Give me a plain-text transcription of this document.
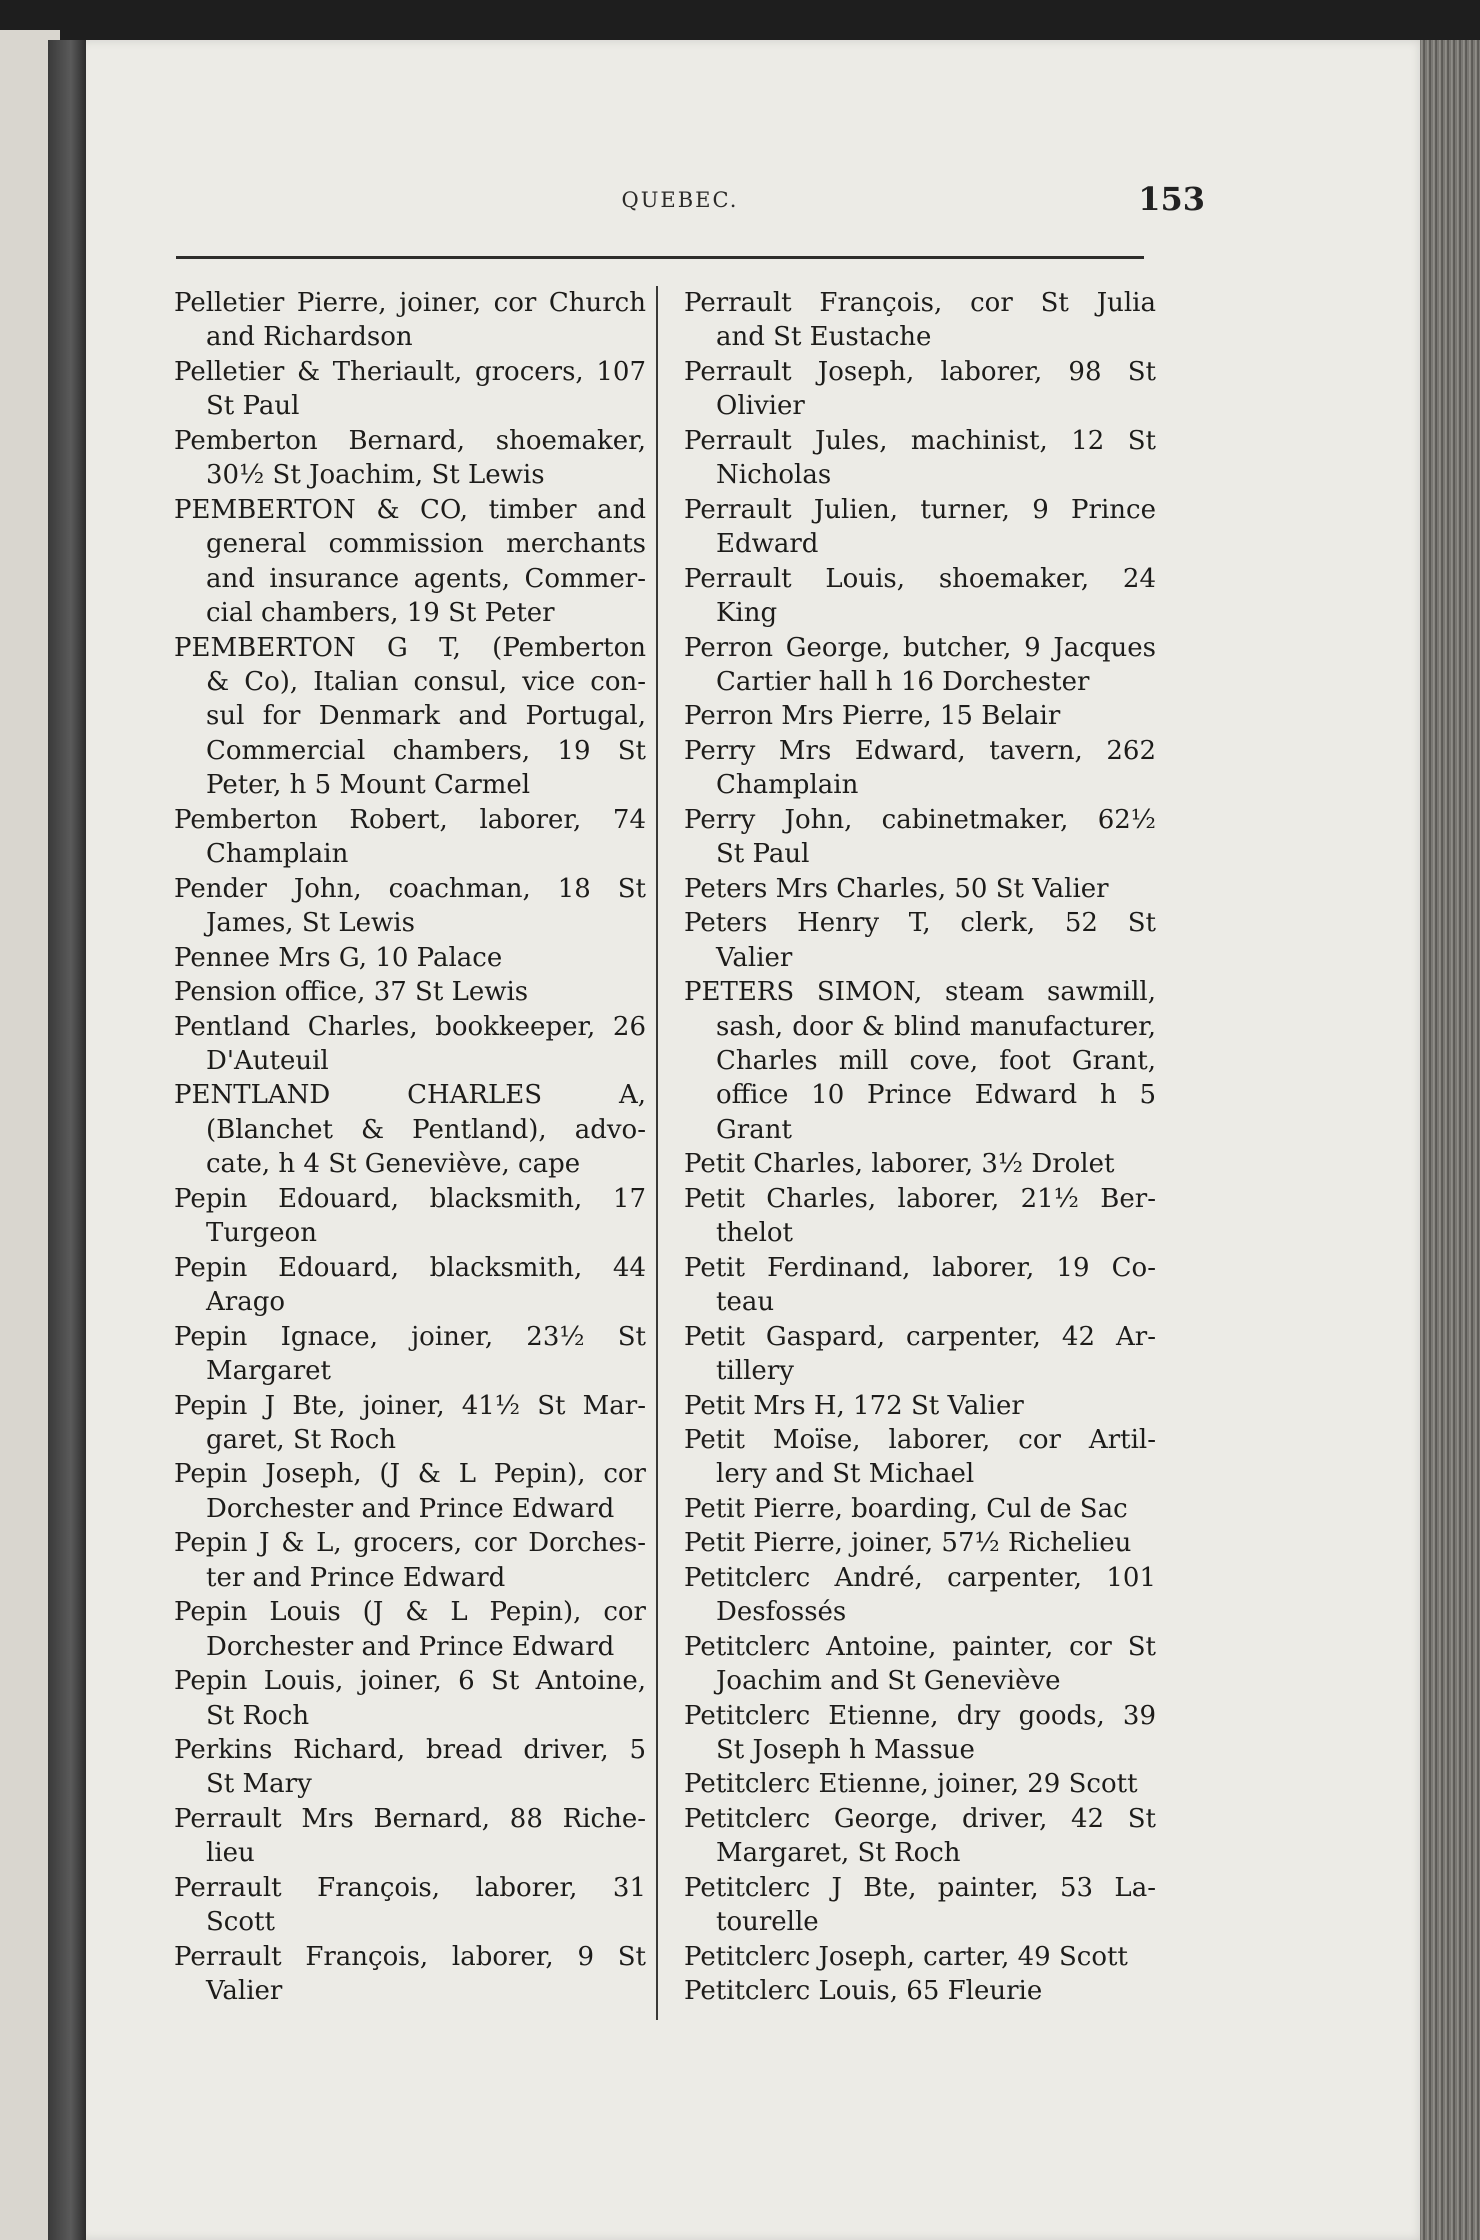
QUEBEC.	153
Pelletier Pierre, joiner, cor Church
and Richardson
Pelletier & Theriault, grocers, 107
St Paul
Pemberton Bernard, shoemaker,
30½ St Joachim, St Lewis
PEMBERTON & CO, timber and
general commission merchants
and insurance agents, Commer-
cial chambers, 19 St Peter
PEMBERTON G T, (Pemberton
& Co), Italian consul, vice con-
sul for Denmark and Portugal,
Commercial chambers, 19 St
Peter, h 5 Mount Carmel
Pemberton Robert, laborer, 74
Champlain
Pender John, coachman, 18 St
James, St Lewis
Pennee Mrs G, 10 Palace
Pension office, 37 St Lewis
Pentland Charles, bookkeeper, 26
D'Auteuil
PENTLAND CHARLES A,
(Blanchet & Pentland), advo-
cate, h 4 St Geneviève, cape
Pepin Edouard, blacksmith, 17
Turgeon
Pepin Edouard, blacksmith, 44
Arago
Pepin Ignace, joiner, 23½ St
Margaret
Pepin J Bte, joiner, 41½ St Mar-
garet, St Roch
Pepin Joseph, (J & L Pepin), cor
Dorchester and Prince Edward
Pepin J & L, grocers, cor Dorches-
ter and Prince Edward
Pepin Louis (J & L Pepin), cor
Dorchester and Prince Edward
Pepin Louis, joiner, 6 St Antoine,
St Roch
Perkins Richard, bread driver, 5
St Mary
Perrault Mrs Bernard, 88 Riche-
lieu
Perrault François, laborer, 31
Scott
Perrault François, laborer, 9 St
Valier
Perrault François, cor St Julia
and St Eustache
Perrault Joseph, laborer, 98 St
Olivier
Perrault Jules, machinist, 12 St
Nicholas
Perrault Julien, turner, 9 Prince
Edward
Perrault Louis, shoemaker, 24
King
Perron George, butcher, 9 Jacques
Cartier hall h 16 Dorchester
Perron Mrs Pierre, 15 Belair
Perry Mrs Edward, tavern, 262
Champlain
Perry John, cabinetmaker, 62½
St Paul
Peters Mrs Charles, 50 St Valier
Peters Henry T, clerk, 52 St
Valier
PETERS SIMON, steam sawmill,
sash, door & blind manufacturer,
Charles mill cove, foot Grant,
office 10 Prince Edward h 5
Grant
Petit Charles, laborer, 3½ Drolet
Petit Charles, laborer, 21½ Ber-
thelot
Petit Ferdinand, laborer, 19 Co-
teau
Petit Gaspard, carpenter, 42 Ar-
tillery
Petit Mrs H, 172 St Valier
Petit Moïse, laborer, cor Artil-
lery and St Michael
Petit Pierre, boarding, Cul de Sac
Petit Pierre, joiner, 57½ Richelieu
Petitclerc André, carpenter, 101
Desfossés
Petitclerc Antoine, painter, cor St
Joachim and St Geneviève
Petitclerc Etienne, dry goods, 39
St Joseph h Massue
Petitclerc Etienne, joiner, 29 Scott
Petitclerc George, driver, 42 St
Margaret, St Roch
Petitclerc J Bte, painter, 53 La-
tourelle
Petitclerc Joseph, carter, 49 Scott
Petitclerc Louis, 65 Fleurie
